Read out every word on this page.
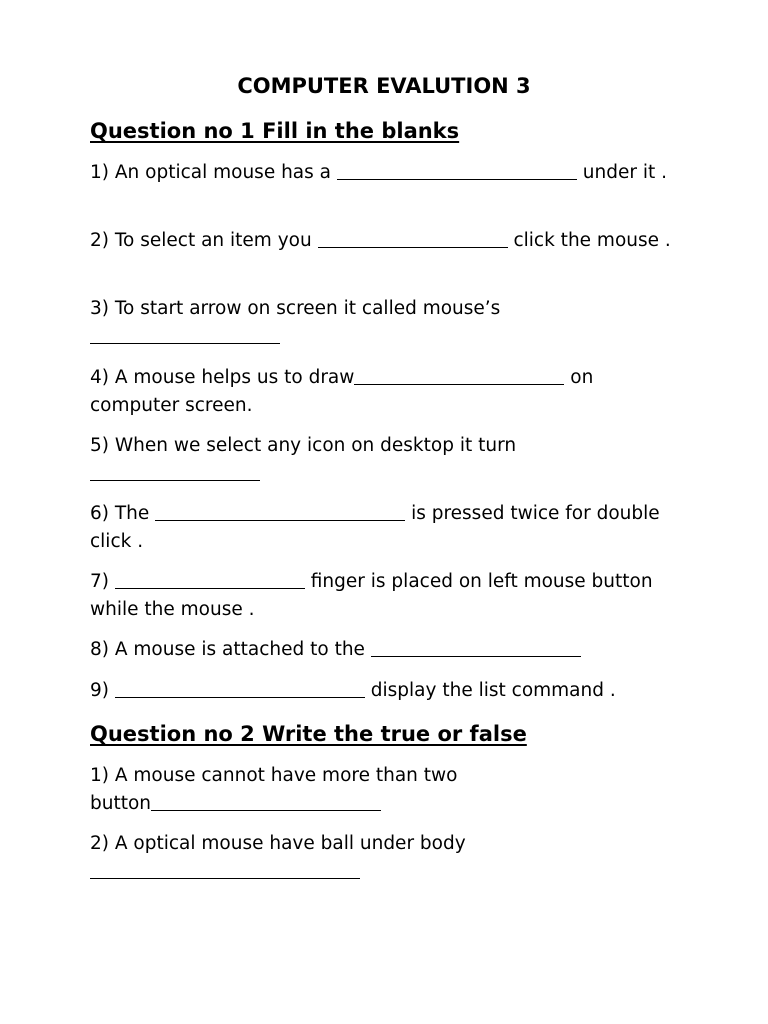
COMPUTER EVALUTION 3
Question no 1 Fill in the blanks

1) An optical mouse has a	under it .

2) To select an item you	click the mouse .

3) To start arrow on screen it called mouse’s

4) A mouse helps us to draw	on computer screen.

5) When we select any icon on desktop it turn

6) The	is pressed twice for double click .

7)	finger is placed on left mouse button while the mouse .

8) A mouse is attached to the

9)	display the list command .

Question no 2 Write the true or false

1) A mouse cannot have more than two button

2) A optical mouse have ball under body
